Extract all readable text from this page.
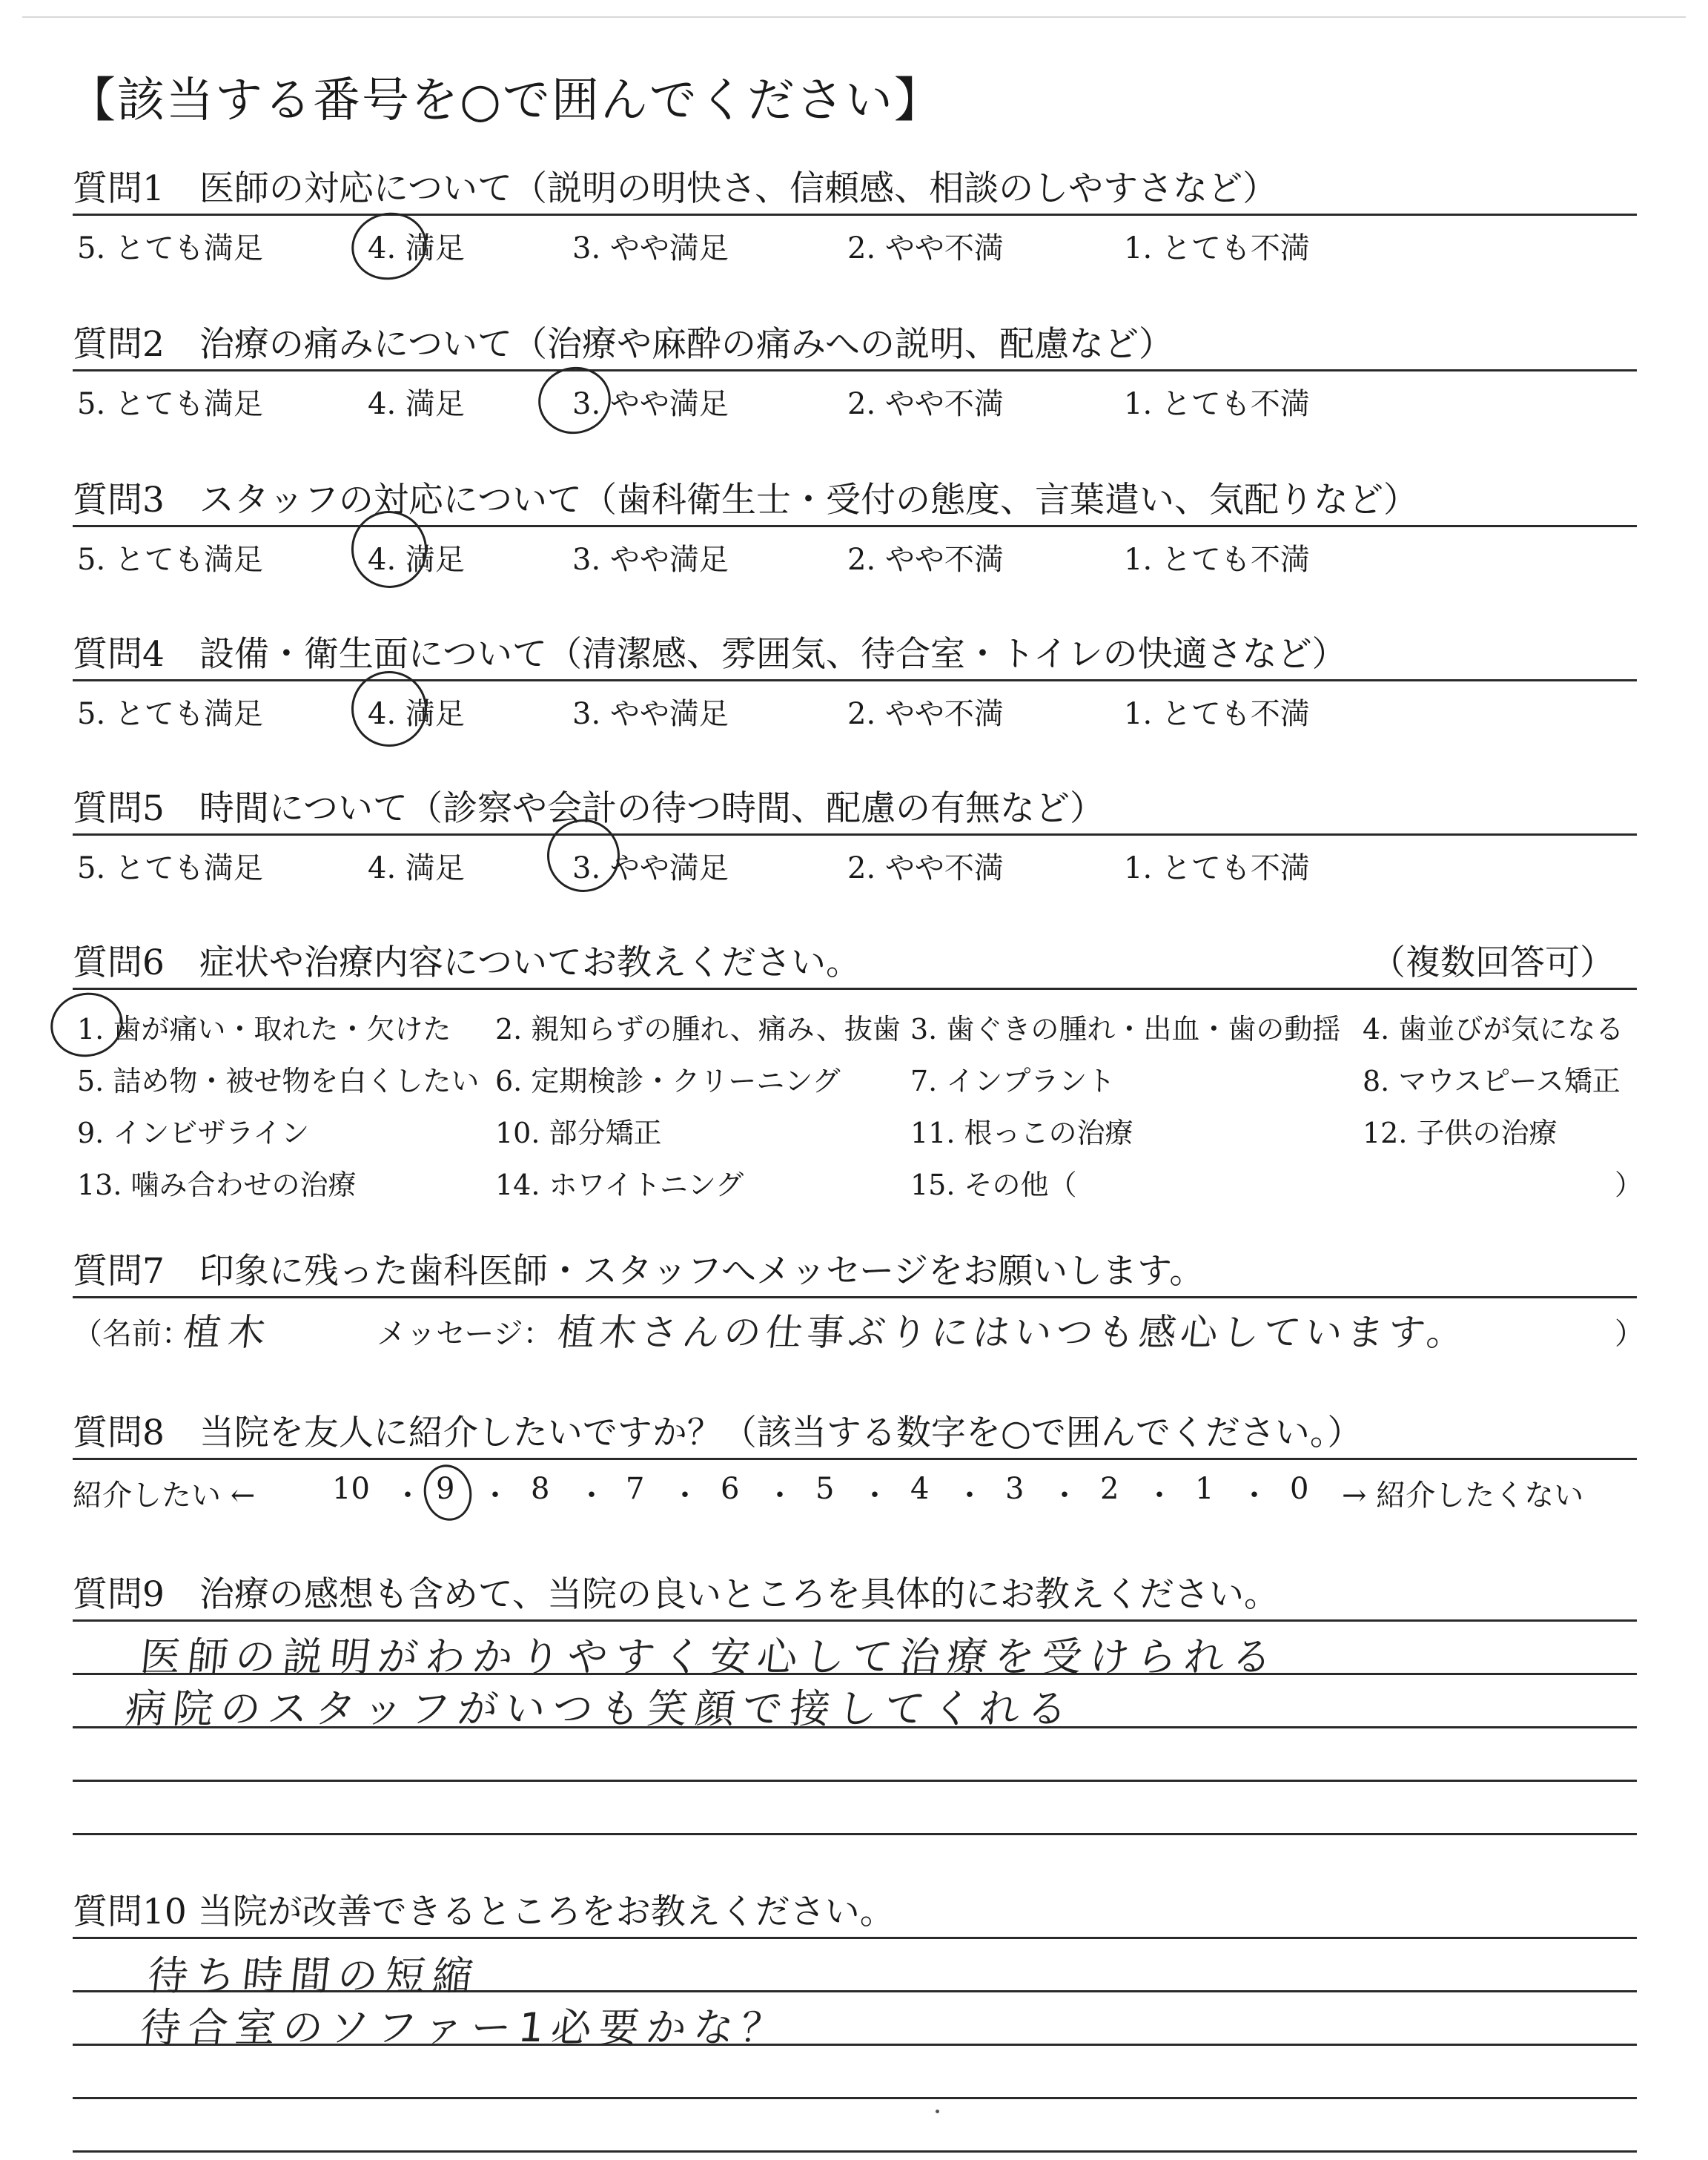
【該当する番号を○で囲んでください】
質問1　医師の対応について（説明の明快さ、信頼感、相談のしやすさなど）
5. とても満足	4. 満足	3. やや満足	2. やや不満	1. とても不満
質問2　治療の痛みについて（治療や麻酔の痛みへの説明、配慮など）
5. とても満足	4. 満足	3. やや満足	2. やや不満	1. とても不満
質問3　スタッフの対応について（歯科衛生士・受付の態度、言葉遣い、気配りなど）
5. とても満足	4. 満足	3. やや満足	2. やや不満	1. とても不満
質問4　設備・衛生面について（清潔感、雰囲気、待合室・トイレの快適さなど）
5. とても満足	4. 満足	3. やや満足	2. やや不満	1. とても不満
質問5　時間について（診察や会計の待つ時間、配慮の有無など）
5. とても満足	4. 満足	3. やや満足	2. やや不満	1. とても不満
質問6　症状や治療内容についてお教えください。	（複数回答可）
1. 歯が痛い・取れた・欠けた 2. 親知らずの腫れ、痛み、抜歯 3. 歯ぐきの腫れ・出血・歯の動揺 4. 歯並びが気になる
5. 詰め物・被せ物を白くしたい 6. 定期検診・クリーニング 7. インプラント	8. マウスピース矯正
9. インビザライン	10. 部分矯正	11. 根っこの治療	12. 子供の治療
13. 噛み合わせの治療	14. ホワイトニング	15. その他（	）
質問7　印象に残った歯科医師・スタッフへメッセージをお願いします。
（名前：
植木	メッセージ： 植木さんの仕事ぶりにはいつも感心しています。	）
質問8　当院を友人に紹介したいですか？（該当する数字を○で囲んでください。）
紹介したい ←	10 ・ 9 ・ 8 ・ 7 ・ 6 ・ 5 ・ 4 ・ 3 ・ 2 ・ 1 ・ 0 → 紹介したくない
質問9　治療の感想も含めて、当院の良いところを具体的にお教えください。
医師の説明がわかりやすく安心して治療を受けられる
病院のスタッフがいつも笑顔で接してくれる
質問10 当院が改善できるところをお教えください。
待ち時間の短縮
待合室のソファー1必要かな？
